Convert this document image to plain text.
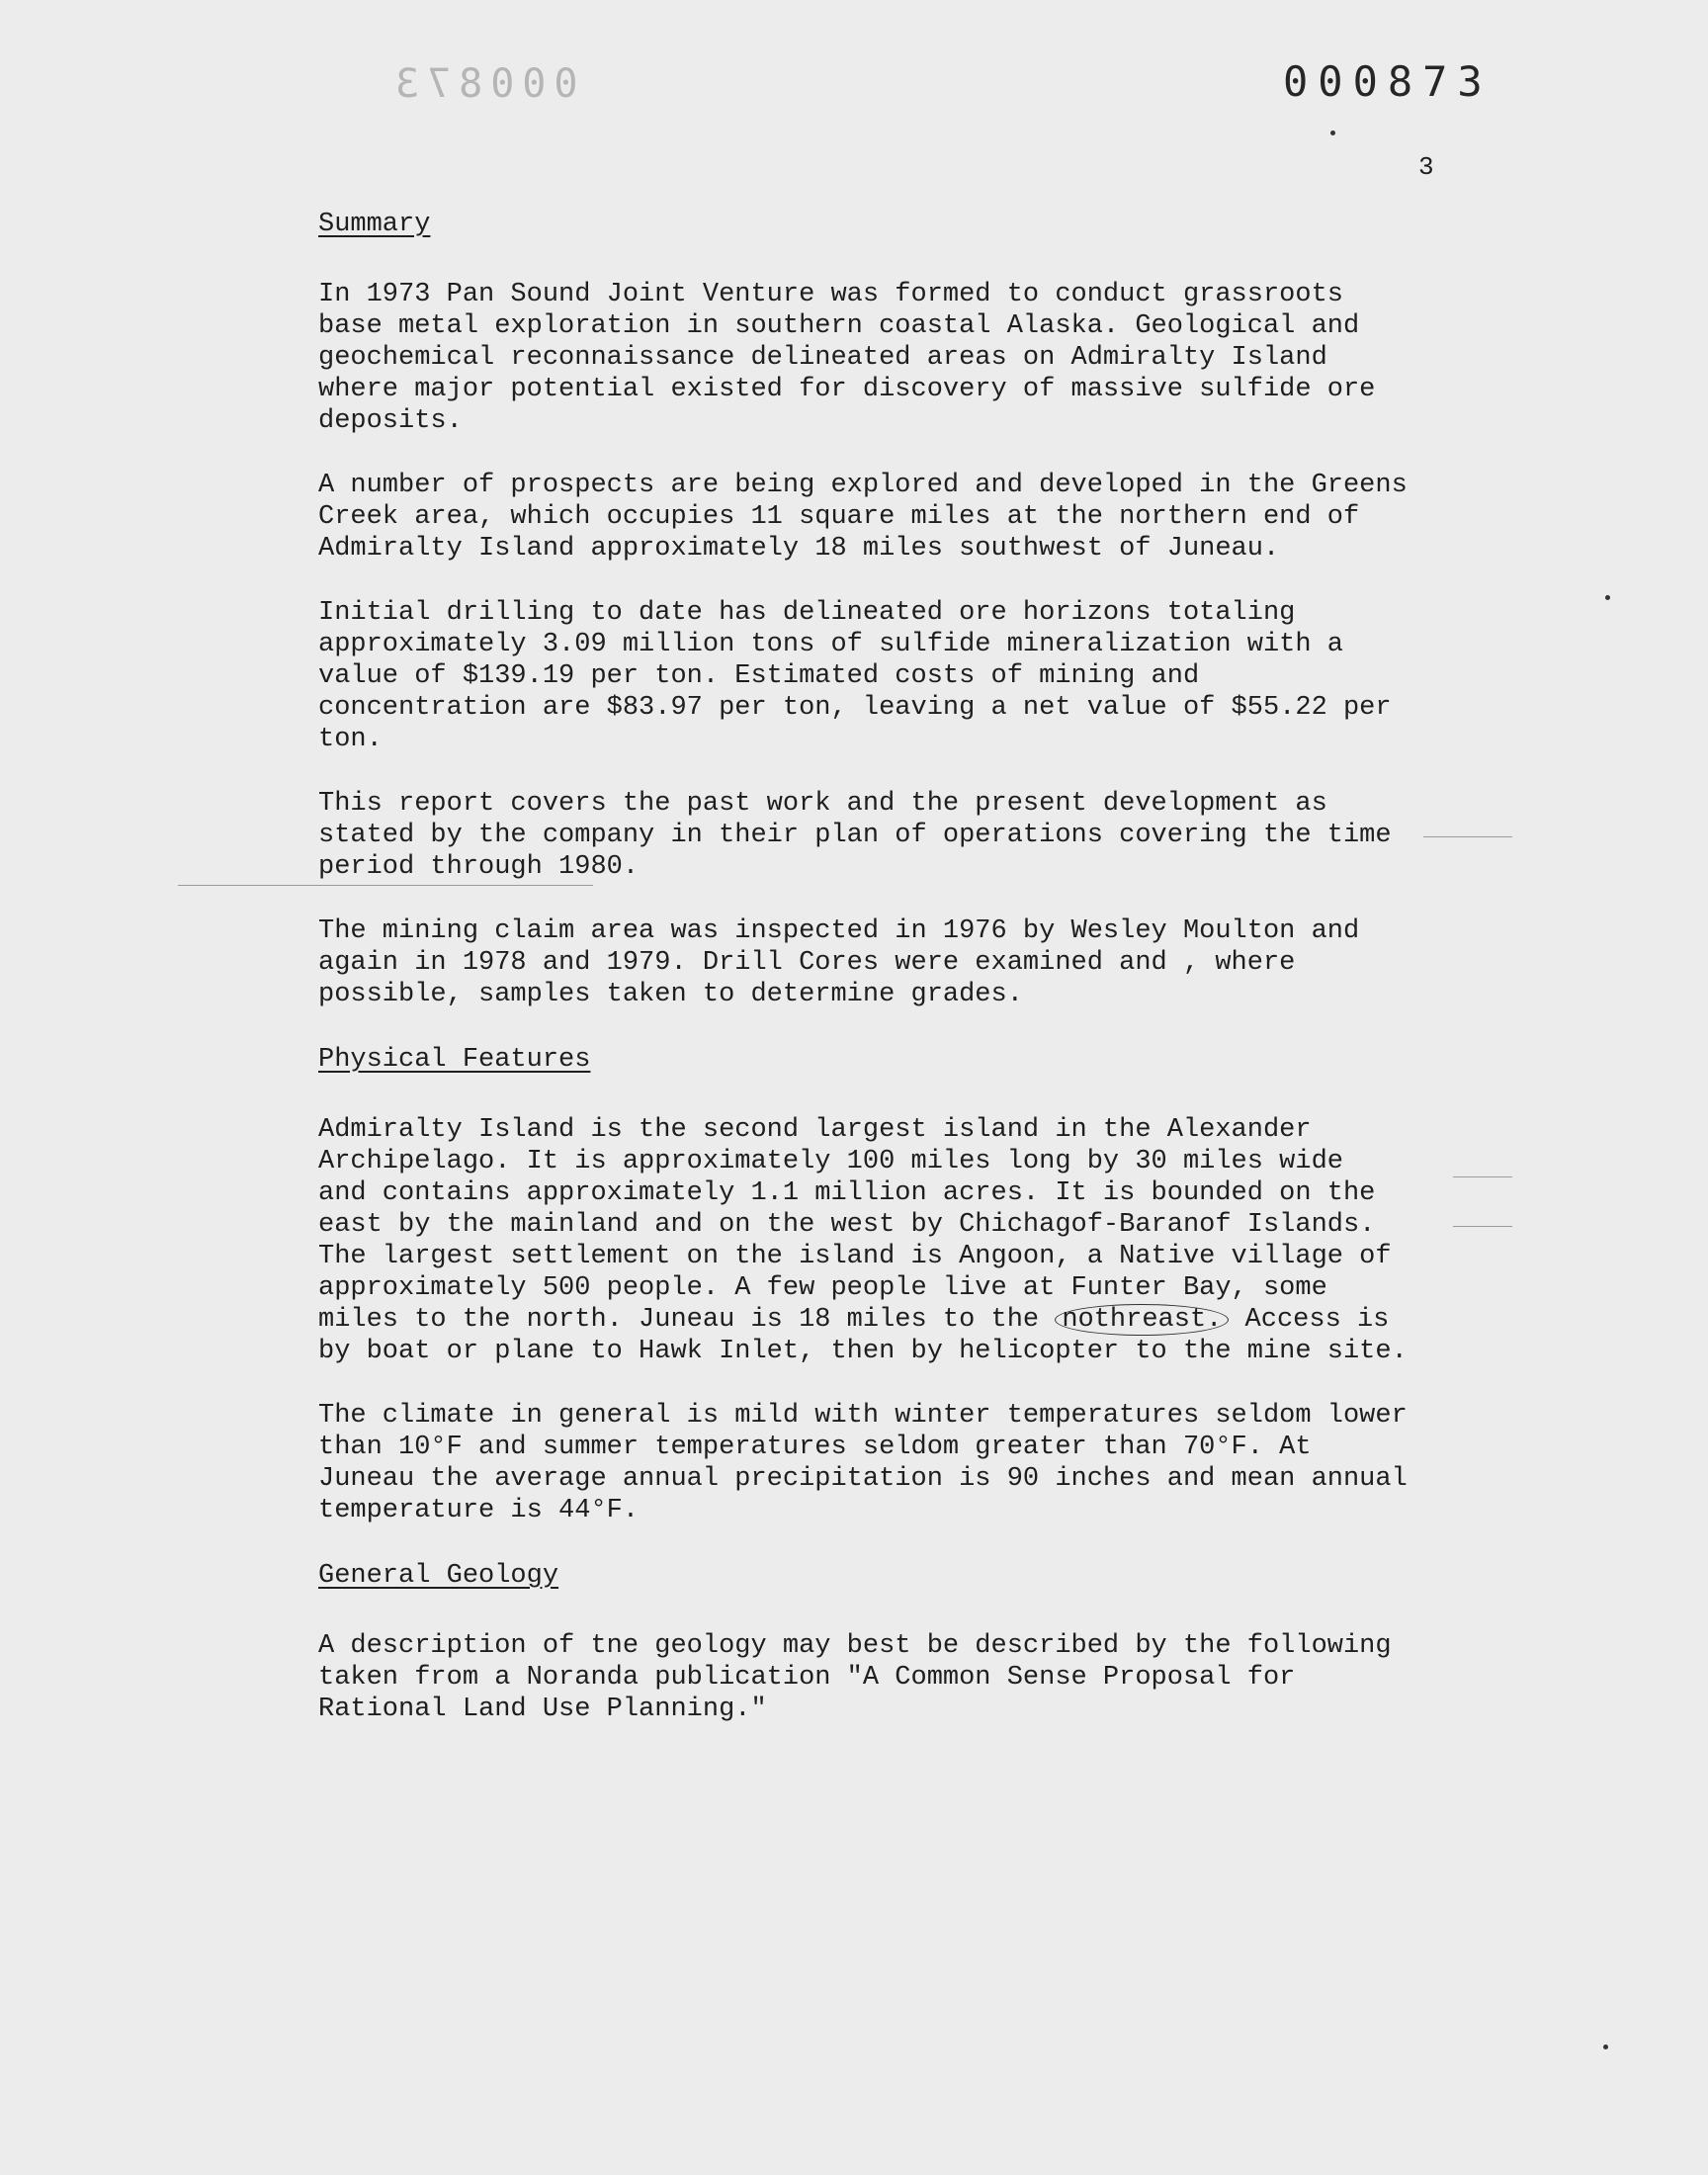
000873	000873
3
Summary
In 1973 Pan Sound Joint Venture was formed to conduct grassroots
base metal exploration in southern coastal Alaska. Geological and
geochemical reconnaissance delineated areas on Admiralty Island
where major potential existed for discovery of massive sulfide ore
deposits.
A number of prospects are being explored and developed in the Greens
Creek area, which occupies 11 square miles at the northern end of
Admiralty Island approximately 18 miles southwest of Juneau.
Initial drilling to date has delineated ore horizons totaling
approximately 3.09 million tons of sulfide mineralization with a
value of $139.19 per ton. Estimated costs of mining and
concentration are $83.97 per ton, leaving a net value of $55.22 per
ton.
This report covers the past work and the present development as
stated by the company in their plan of operations covering the time
period through 1980.
The mining claim area was inspected in 1976 by Wesley Moulton and
again in 1978 and 1979. Drill Cores were examined and , where
possible, samples taken to determine grades.
Physical Features
Admiralty Island is the second largest island in the Alexander
Archipelago. It is approximately 100 miles long by 30 miles wide
and contains approximately 1.1 million acres. It is bounded on the
east by the mainland and on the west by Chichagof-Baranof Islands.
The largest settlement on the island is Angoon, a Native village of
approximately 500 people. A few people live at Funter Bay, some
miles to the north. Juneau is 18 miles to the nothreast. Access is
by boat or plane to Hawk Inlet, then by helicopter to the mine site.
The climate in general is mild with winter temperatures seldom lower
than 10°F and summer temperatures seldom greater than 70°F. At
Juneau the average annual precipitation is 90 inches and mean annual
temperature is 44°F.
General Geology
A description of tne geology may best be described by the following
taken from a Noranda publication "A Common Sense Proposal for
Rational Land Use Planning."
